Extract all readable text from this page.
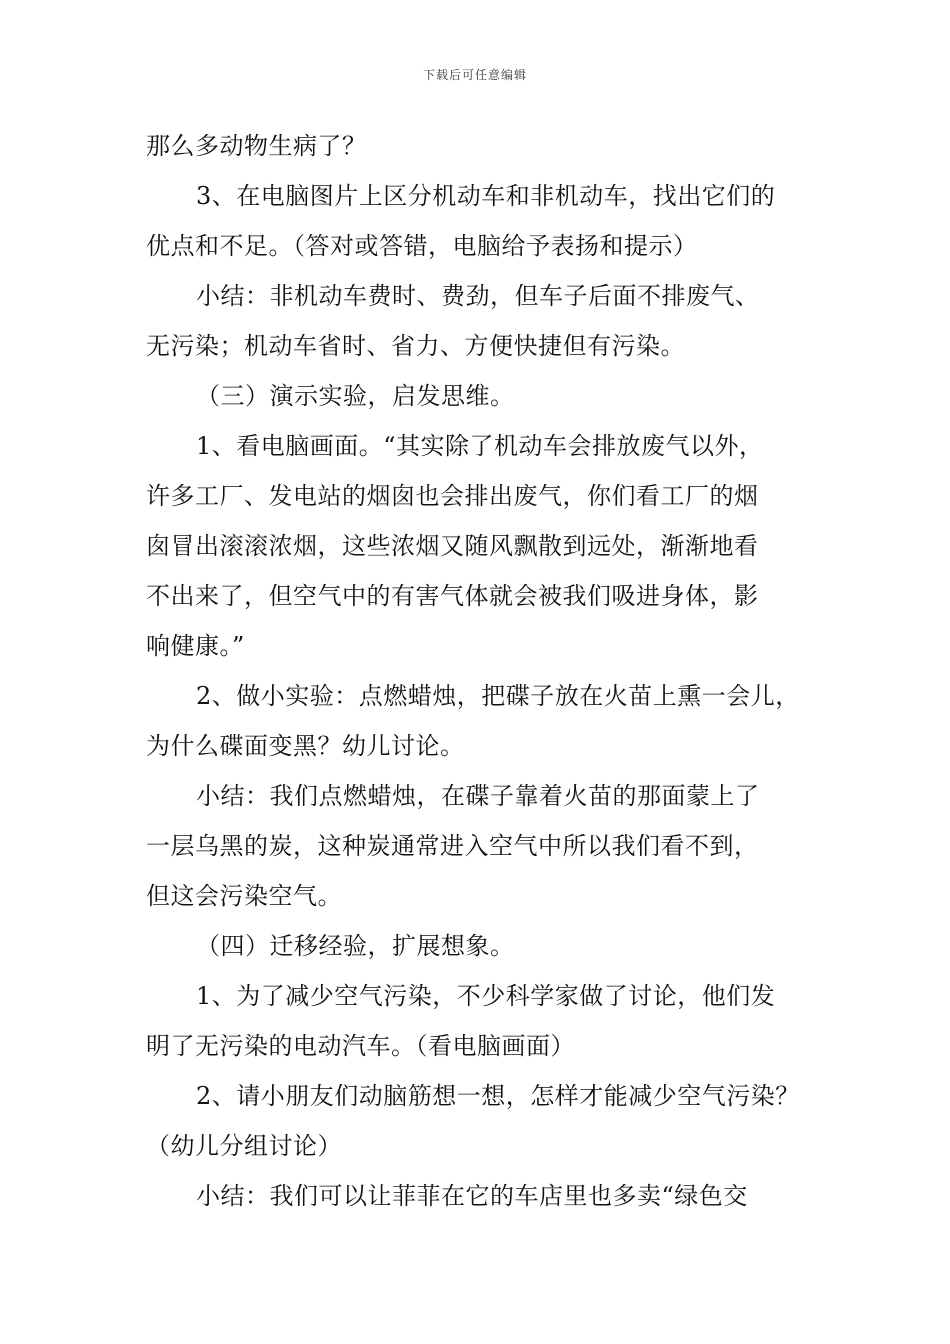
下载后可任意编辑
那么多动物生病了？
3、在电脑图片上区分机动车和非机动车，找出它们的
优点和不足。（答对或答错，电脑给予表扬和提示）
小结：非机动车费时、费劲，但车子后面不排废气、
无污染；机动车省时、省力、方便快捷但有污染。
（三）演示实验，启发思维。
1、看电脑画面。“其实除了机动车会排放废气以外，
许多工厂、发电站的烟囱也会排出废气，你们看工厂的烟
囱冒出滚滚浓烟，这些浓烟又随风飘散到远处，渐渐地看
不出来了，但空气中的有害气体就会被我们吸进身体，影
响健康。”
2、做小实验：点燃蜡烛，把碟子放在火苗上熏一会儿，
为什么碟面变黑？幼儿讨论。
小结：我们点燃蜡烛，在碟子靠着火苗的那面蒙上了
一层乌黑的炭，这种炭通常进入空气中所以我们看不到，
但这会污染空气。
（四）迁移经验，扩展想象。
1、为了减少空气污染，不少科学家做了讨论，他们发
明了无污染的电动汽车。（看电脑画面）
2、请小朋友们动脑筋想一想，怎样才能减少空气污染？
（幼儿分组讨论）
小结：我们可以让菲菲在它的车店里也多卖“绿色交
